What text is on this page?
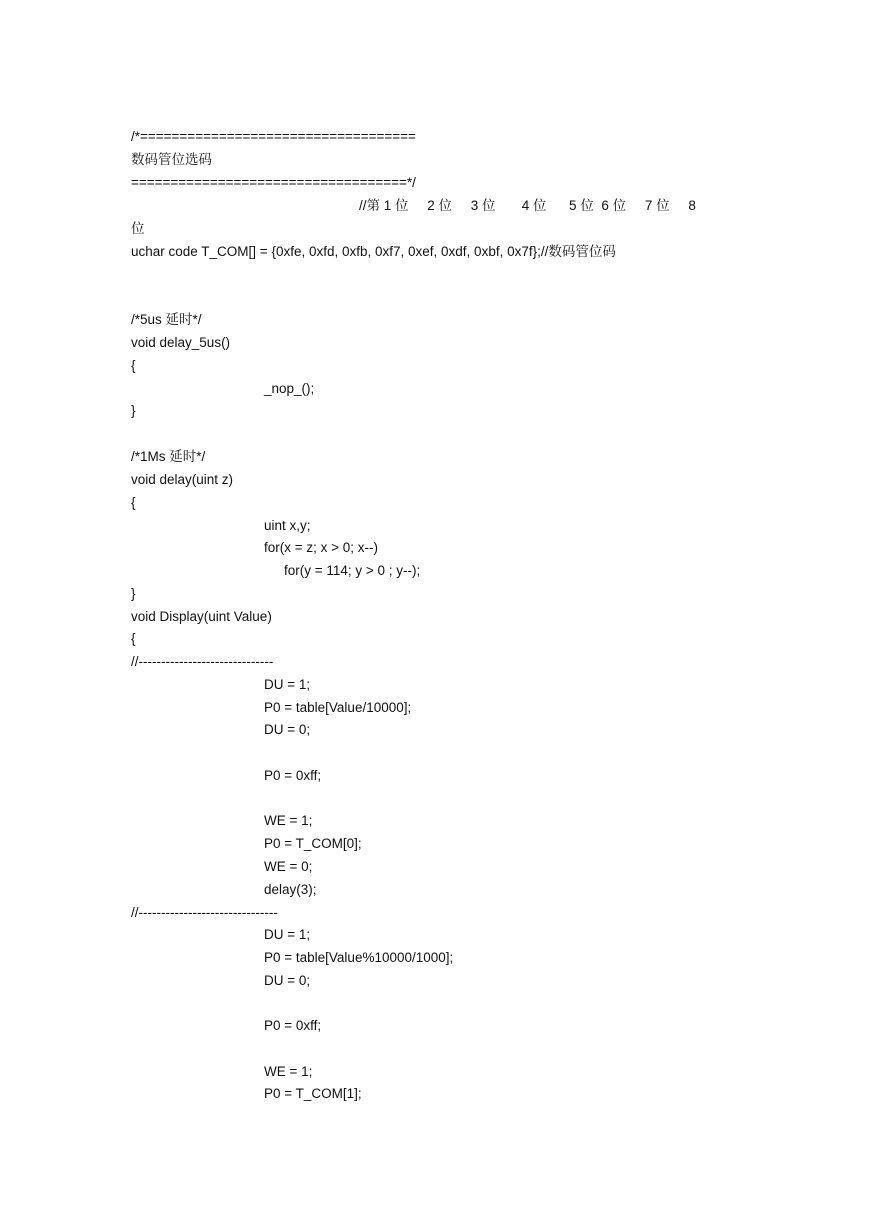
/*===================================
数码管位选码
===================================*/
//第 1 位     2 位     3 位       4 位      5 位  6 位     7 位     8
位
uchar code T_COM[] = {0xfe, 0xfd, 0xfb, 0xf7, 0xef, 0xdf, 0xbf, 0x7f};//数码管位码
/*5us 延时*/
void delay_5us()
{
_nop_();
}
/*1Ms 延时*/
void delay(uint z)
{
uint x,y;
for(x = z; x > 0; x--)
for(y = 114; y > 0 ; y--);
}
void Display(uint Value)
{
//------------------------------
DU = 1;
P0 = table[Value/10000];
DU = 0;
P0 = 0xff;
WE = 1;
P0 = T_COM[0];
WE = 0;
delay(3);
//-------------------------------
DU = 1;
P0 = table[Value%10000/1000];
DU = 0;
P0 = 0xff;
WE = 1;
P0 = T_COM[1];
